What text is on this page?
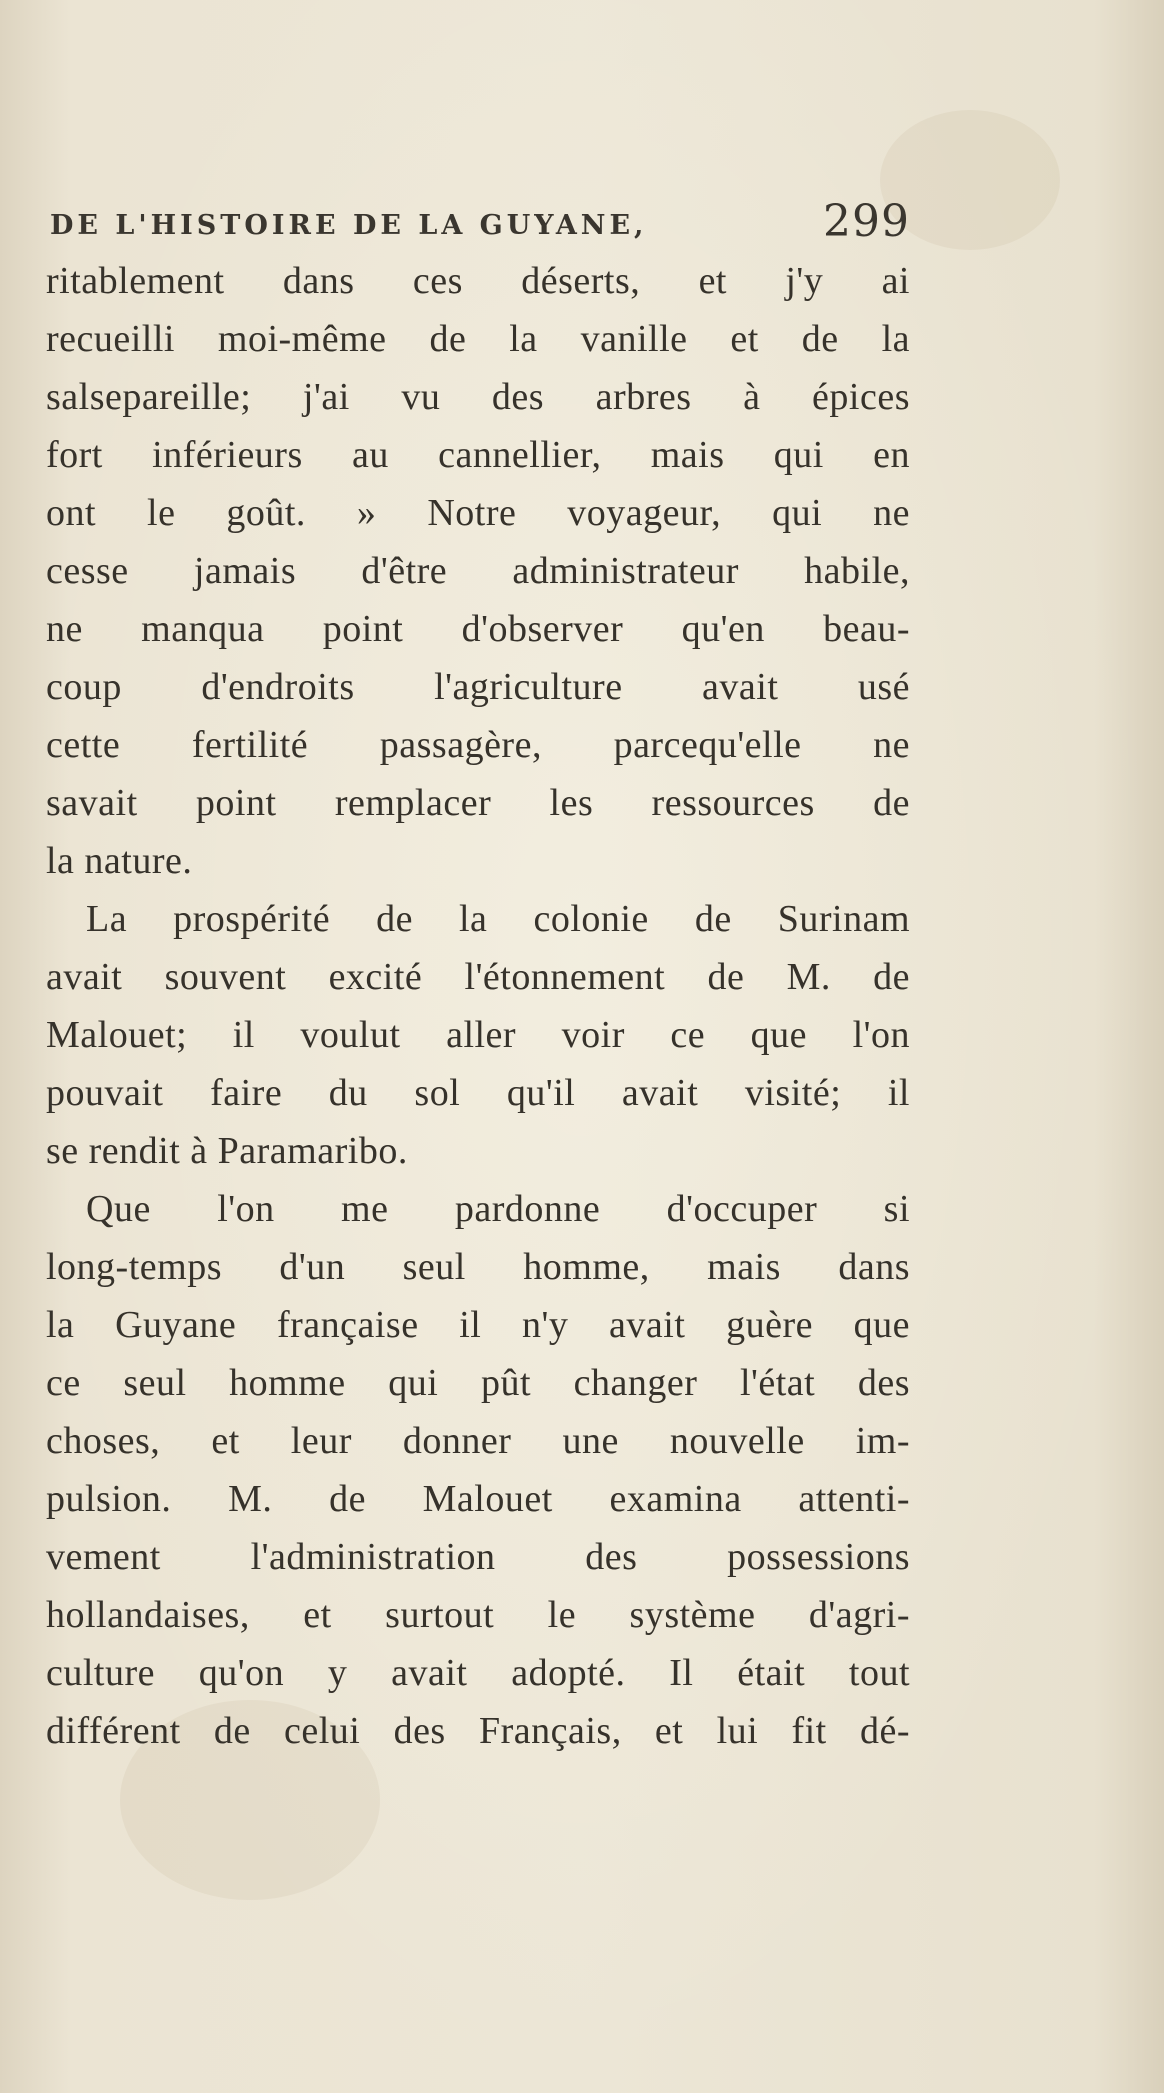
DE L'HISTOIRE DE LA GUYANE,	299
ritablement dans ces déserts, et j'y ai
recueilli moi-même de la vanille et de la
salsepareille; j'ai vu des arbres à épices
fort inférieurs au cannellier, mais qui en
ont le goût. » Notre voyageur, qui ne
cesse jamais d'être administrateur habile,
ne manqua point d'observer qu'en beau-
coup d'endroits l'agriculture avait usé
cette fertilité passagère, parcequ'elle ne
savait point remplacer les ressources de
la nature.
La prospérité de la colonie de Surinam
avait souvent excité l'étonnement de M. de
Malouet; il voulut aller voir ce que l'on
pouvait faire du sol qu'il avait visité; il
se rendit à Paramaribo.
Que l'on me pardonne d'occuper si
long-temps d'un seul homme, mais dans
la Guyane française il n'y avait guère que
ce seul homme qui pût changer l'état des
choses, et leur donner une nouvelle im-
pulsion. M. de Malouet examina attenti-
vement l'administration des possessions
hollandaises, et surtout le système d'agri-
culture qu'on y avait adopté. Il était tout
différent de celui des Français, et lui fit dé-
